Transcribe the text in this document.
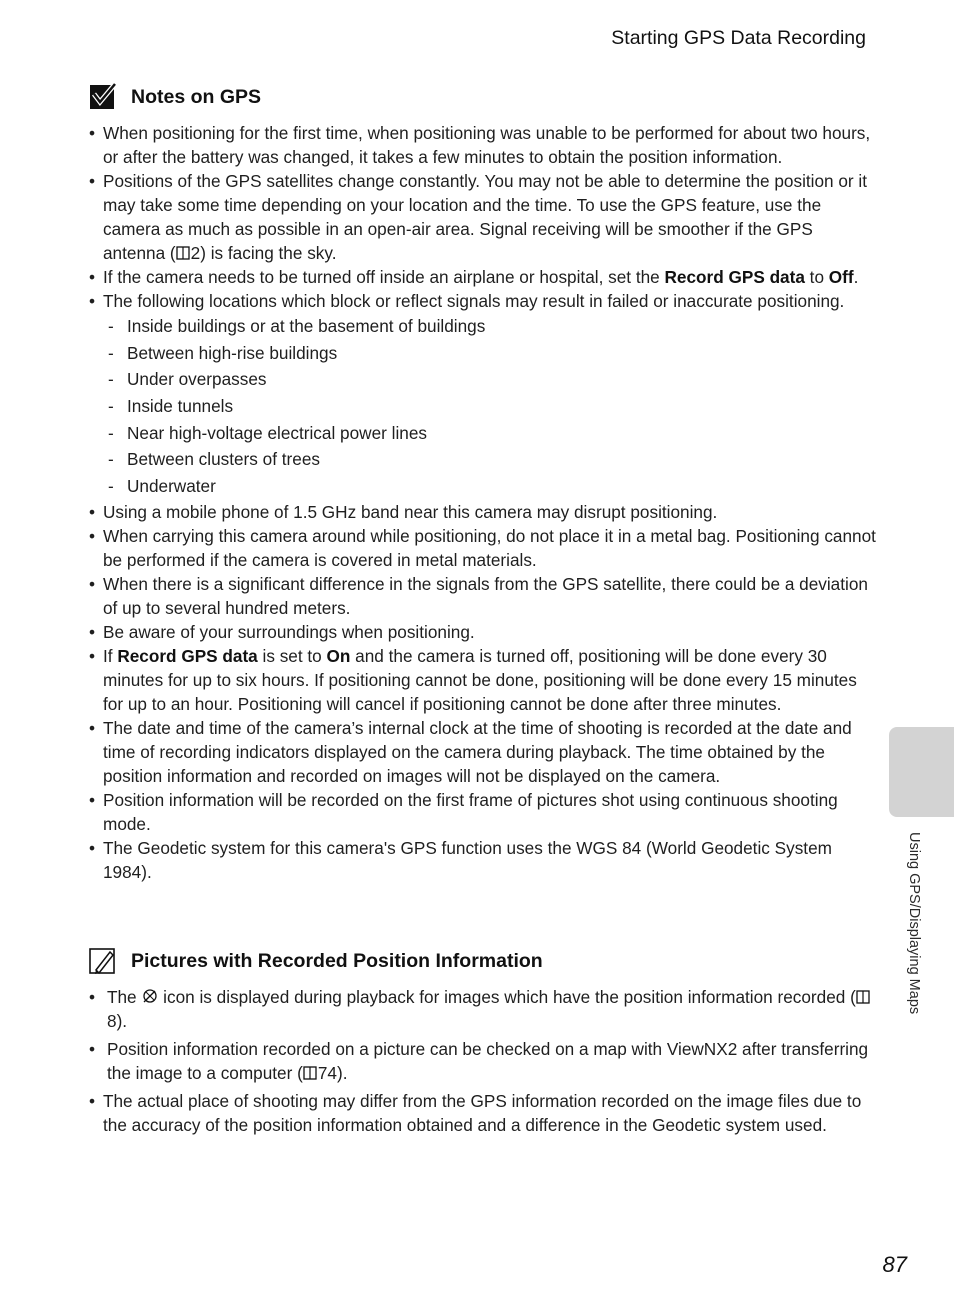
Starting GPS Data Recording
Notes on GPS
• When positioning for the first time, when positioning was unable to be performed for about two hours, or after the battery was changed, it takes a few minutes to obtain the position information.
• Positions of the GPS satellites change constantly. You may not be able to determine the position or it may take some time depending on your location and the time. To use the GPS feature, use the camera as much as possible in an open-air area. Signal receiving will be smoother if the GPS antenna ( 2) is facing the sky.
• If the camera needs to be turned off inside an airplane or hospital, set the Record GPS data to Off.
• The following locations which block or reflect signals may result in failed or inaccurate positioning.
- Inside buildings or at the basement of buildings
- Between high-rise buildings
- Under overpasses
- Inside tunnels
- Near high-voltage electrical power lines
- Between clusters of trees
- Underwater
• Using a mobile phone of 1.5 GHz band near this camera may disrupt positioning.
• When carrying this camera around while positioning, do not place it in a metal bag. Positioning cannot be performed if the camera is covered in metal materials.
• When there is a significant difference in the signals from the GPS satellite, there could be a deviation of up to several hundred meters.
• Be aware of your surroundings when positioning.
• If Record GPS data is set to On and the camera is turned off, positioning will be done every 30 minutes for up to six hours. If positioning cannot be done, positioning will be done every 15 minutes for up to an hour. Positioning will cancel if positioning cannot be done after three minutes.
• The date and time of the camera’s internal clock at the time of shooting is recorded at the date and time of recording indicators displayed on the camera during playback. The time obtained by the position information and recorded on images will not be displayed on the camera.
• Position information will be recorded on the first frame of pictures shot using continuous shooting mode.
• The Geodetic system for this camera's GPS function uses the WGS 84 (World Geodetic System 1984).
Pictures with Recorded Position Information
• The  icon is displayed during playback for images which have the position information recorded (8).
• Position information recorded on a picture can be checked on a map with ViewNX2 after transferring the image to a computer ( 74).
• The actual place of shooting may differ from the GPS information recorded on the image files due to the accuracy of the position information obtained and a difference in the Geodetic system used.
Using GPS/Displaying Maps
87
